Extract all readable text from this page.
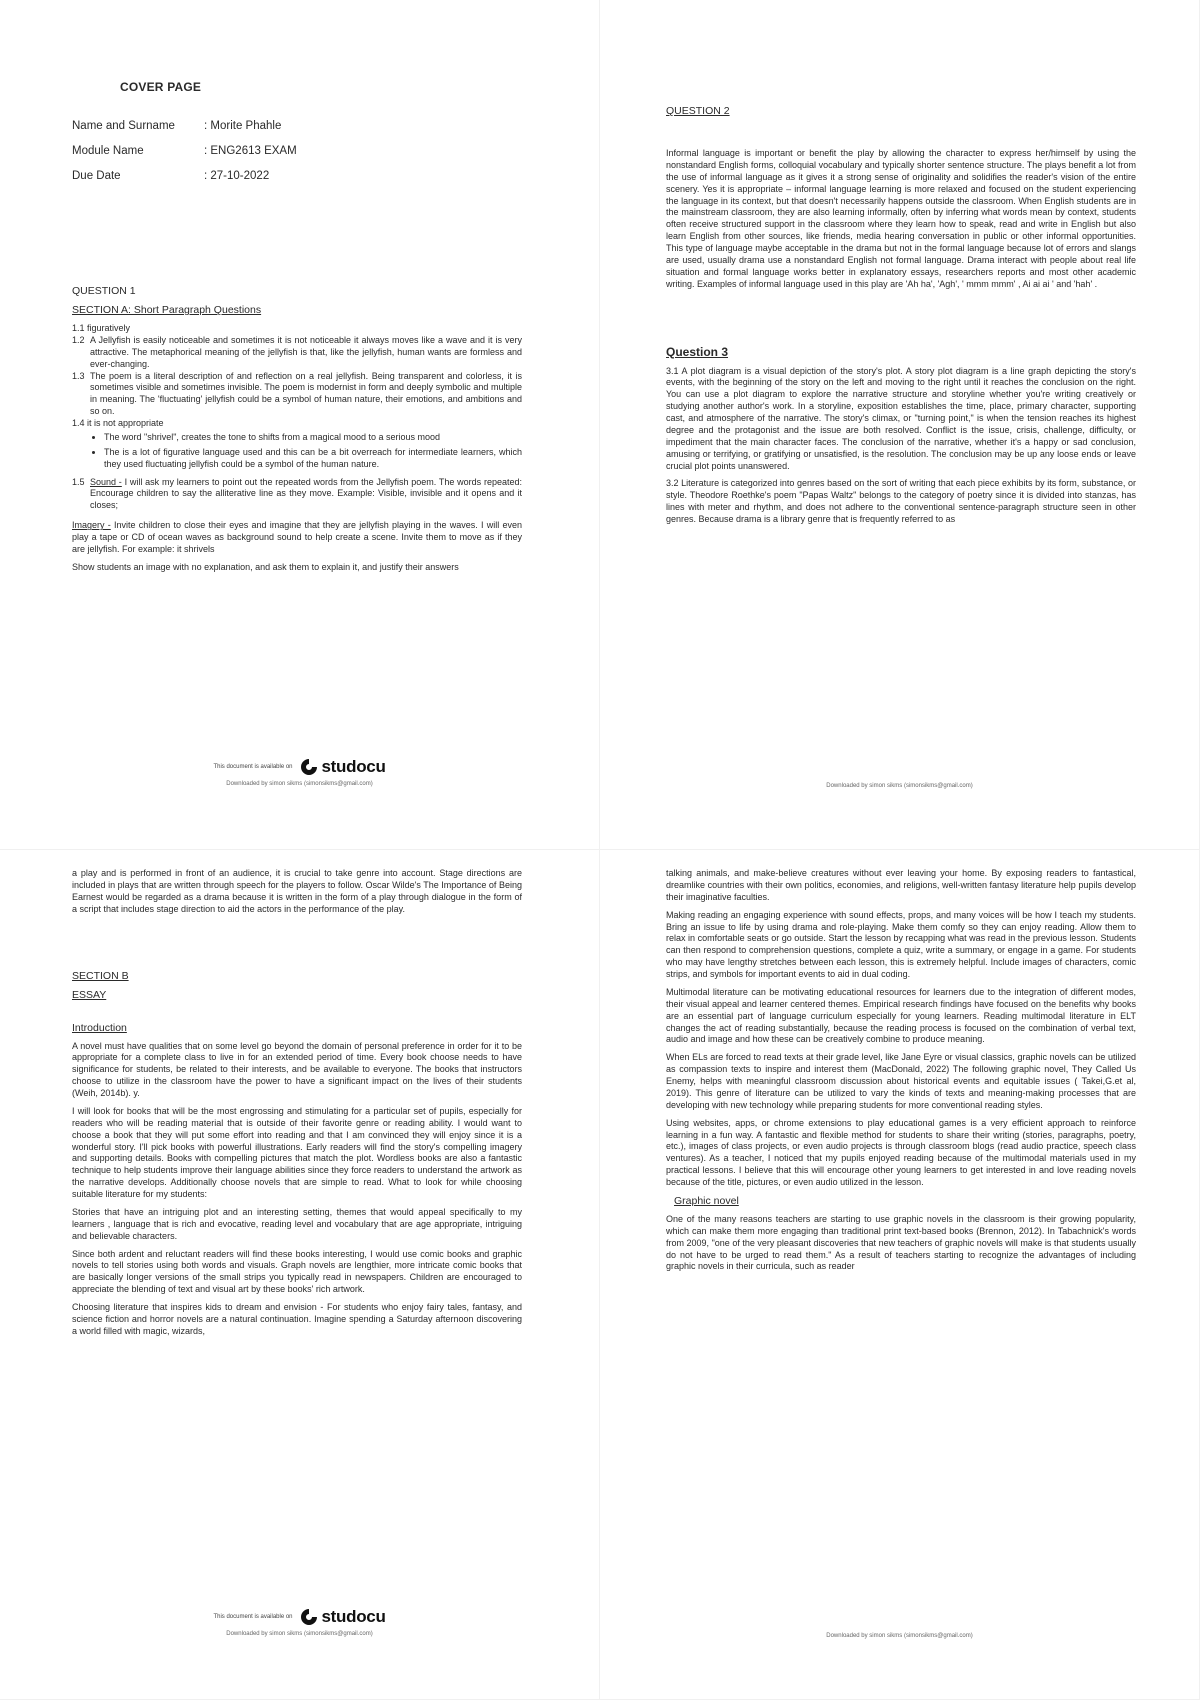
COVER PAGE
Name and Surname	: Morite Phahle
Module Name	: ENG2613 EXAM
Due Date	: 27-10-2022
QUESTION 1
SECTION A: Short Paragraph Questions
1.1 figuratively
1.2 A Jellyfish is easily noticeable and sometimes it is not noticeable it always moves like a wave and it is very attractive. The metaphorical meaning of the jellyfish is that, like the jellyfish, human wants are formless and ever-changing.
1.3 The poem is a literal description of and reflection on a real jellyfish. Being transparent and colorless, it is sometimes visible and sometimes invisible. The poem is modernist in form and deeply symbolic and multiple in meaning. The 'fluctuating' jellyfish could be a symbol of human nature, their emotions, and ambitions and so on.
1.4 it is not appropriate
• The word "shrivel", creates the tone to shifts from a magical mood to a serious mood
• The is a lot of figurative language used and this can be a bit overreach for intermediate learners, which they used fluctuating jellyfish could be a symbol of the human nature.
1.5 Sound - I will ask my learners to point out the repeated words from the Jellyfish poem. The words repeated: Encourage children to say the alliterative line as they move. Example: Visible, invisible and it opens and it closes;

Imagery - Invite children to close their eyes and imagine that they are jellyfish playing in the waves. I will even play a tape or CD of ocean waves as background sound to help create a scene. Invite them to move as if they are jellyfish. For example: it shrivels

Show students an image with no explanation, and ask them to explain it, and justify their answers

This document is available on studocu
Downloaded by simon sikms (simonsikms@gmail.com)
QUESTION 2

Informal language is important or benefit the play by allowing the character to express her/himself by using the nonstandard English forms, colloquial vocabulary and typically shorter sentence structure. The plays benefit a lot from the use of informal language as it gives it a strong sense of originality and solidifies the reader's vision of the entire scenery. Yes it is appropriate – informal language learning is more relaxed and focused on the student experiencing the language in its context, but that doesn't necessarily happens outside the classroom. When English students are in the mainstream classroom, they are also learning informally, often by inferring what words mean by context, students often receive structured support in the classroom where they learn how to speak, read and write in English but also learn English from other sources, like friends, media hearing conversation in public or other informal opportunities. This type of language maybe acceptable in the drama but not in the formal language because lot of errors and slangs are used, usually drama use a nonstandard English not formal language. Drama interact with people about real life situation and formal language works better in explanatory essays, researchers reports and most other academic writing. Examples of informal language used in this play are 'Ah ha', 'Agh', ' mmm mmm' , Ai ai ai ' and 'hah' .

Question 3

3.1 A plot diagram is a visual depiction of the story's plot. A story plot diagram is a line graph depicting the story's events, with the beginning of the story on the left and moving to the right until it reaches the conclusion on the right. You can use a plot diagram to explore the narrative structure and storyline whether you're writing creatively or studying another author's work. In a storyline, exposition establishes the time, place, primary character, supporting cast, and atmosphere of the narrative. The story's climax, or "turning point," is when the tension reaches its highest degree and the protagonist and the issue are both resolved. Conflict is the issue, crisis, challenge, difficulty, or impediment that the main character faces. The conclusion of the narrative, whether it's a happy or sad conclusion, amusing or terrifying, or gratifying or unsatisfied, is the resolution. The conclusion may be up any loose ends or leave crucial plot points unanswered.

3.2 Literature is categorized into genres based on the sort of writing that each piece exhibits by its form, substance, or style. Theodore Roethke's poem "Papas Waltz" belongs to the category of poetry since it is divided into stanzas, has lines with meter and rhythm, and does not adhere to the conventional sentence-paragraph structure seen in other genres. Because drama is a library genre that is frequently referred to as

Downloaded by simon sikms (simonsikms@gmail.com)

a play and is performed in front of an audience, it is crucial to take genre into account. Stage directions are included in plays that are written through speech for the players to follow. Oscar Wilde's The Importance of Being Earnest would be regarded as a drama because it is written in the form of a play through dialogue in the form of a script that includes stage direction to aid the actors in the performance of the play.

SECTION B
ESSAY
Introduction

A novel must have qualities that on some level go beyond the domain of personal preference in order for it to be appropriate for a complete class to live in for an extended period of time. Every book choose needs to have significance for students, be related to their interests, and be available to everyone. The books that instructors choose to utilize in the classroom have the power to have a significant impact on the lives of their students (Weih, 2014b). y.

I will look for books that will be the most engrossing and stimulating for a particular set of pupils, especially for readers who will be reading material that is outside of their favorite genre or reading ability. I would want to choose a book that they will put some effort into reading and that I am convinced they will enjoy since it is a wonderful story. I'll pick books with powerful illustrations. Early readers will find the story's compelling imagery and supporting details. Books with compelling pictures that match the plot. Wordless books are also a fantastic technique to help students improve their language abilities since they force readers to understand the artwork as the narrative develops. Additionally choose novels that are simple to read. What to look for while choosing suitable literature for my students:

Stories that have an intriguing plot and an interesting setting, themes that would appeal specifically to my learners , language that is rich and evocative, reading level and vocabulary that are age appropriate, intriguing and believable characters.

Since both ardent and reluctant readers will find these books interesting, I would use comic books and graphic novels to tell stories using both words and visuals. Graph novels are lengthier, more intricate comic books that are basically longer versions of the small strips you typically read in newspapers. Children are encouraged to appreciate the blending of text and visual art by these books' rich artwork.

Choosing literature that inspires kids to dream and envision - For students who enjoy fairy tales, fantasy, and science fiction and horror novels are a natural continuation. Imagine spending a Saturday afternoon discovering a world filled with magic, wizards,

This document is available on studocu
Downloaded by simon sikms (simonsikms@gmail.com)

talking animals, and make-believe creatures without ever leaving your home. By exposing readers to fantastical, dreamlike countries with their own politics, economies, and religions, well-written fantasy literature help pupils develop their imaginative faculties.

Making reading an engaging experience with sound effects, props, and many voices will be how I teach my students. Bring an issue to life by using drama and role-playing. Make them comfy so they can enjoy reading. Allow them to relax in comfortable seats or go outside. Start the lesson by recapping what was read in the previous lesson. Students can then respond to comprehension questions, complete a quiz, write a summary, or engage in a game. For students who may have lengthy stretches between each lesson, this is extremely helpful. Include images of characters, comic strips, and symbols for important events to aid in dual coding.

Multimodal literature can be motivating educational resources for learners due to the integration of different modes, their visual appeal and learner centered themes. Empirical research findings have focused on the benefits why books are an essential part of language curriculum especially for young learners. Reading multimodal literature in ELT changes the act of reading substantially, because the reading process is focused on the combination of verbal text, audio and image and how these can be creatively combine to produce meaning.

When ELs are forced to read texts at their grade level, like Jane Eyre or visual classics, graphic novels can be utilized as compassion texts to inspire and interest them (MacDonald, 2022) The following graphic novel, They Called Us Enemy, helps with meaningful classroom discussion about historical events and equitable issues ( Takei,G.et al, 2019). This genre of literature can be utilized to vary the kinds of texts and meaning-making processes that are developing with new technology while preparing students for more conventional reading styles.

Using websites, apps, or chrome extensions to play educational games is a very efficient approach to reinforce learning in a fun way. A fantastic and flexible method for students to share their writing (stories, paragraphs, poetry, etc.), images of class projects, or even audio projects is through classroom blogs (read audio practice, speech class ventures). As a teacher, I noticed that my pupils enjoyed reading because of the multimodal materials used in my practical lessons. I believe that this will encourage other young learners to get interested in and love reading novels because of the title, pictures, or even audio utilized in the lesson.

Graphic novel

One of the many reasons teachers are starting to use graphic novels in the classroom is their growing popularity, which can make them more engaging than traditional print text-based books (Brennon, 2012). In Tabachnick's words from 2009, "one of the very pleasant discoveries that new teachers of graphic novels will make is that students usually do not have to be urged to read them." As a result of teachers starting to recognize the advantages of including graphic novels in their curricula, such as reader

Downloaded by simon sikms (simonsikms@gmail.com)
